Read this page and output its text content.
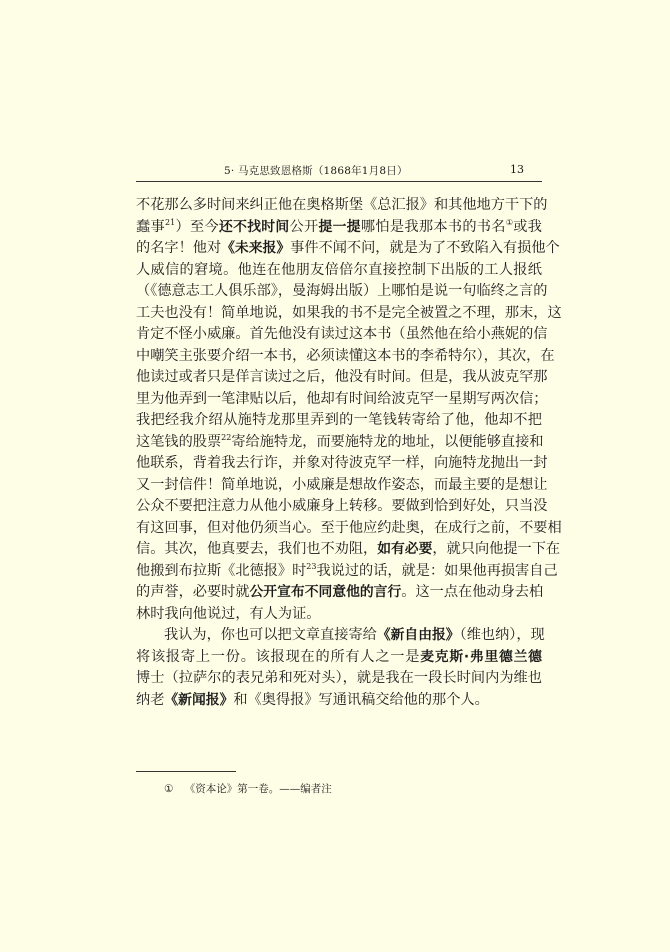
5· 马克思致恩格斯（1868年1月8日）	13
不花那么多时间来纠正他在奥格斯堡《总汇报》和其他地方干下的
蠢事$^{21}$）至今还不找时间公开提一提哪怕是我那本书的书名①或我
的名字！他对《未来报》事件不闻不问，就是为了不致陷入有损他个
人威信的窘境。他连在他朋友倍倍尔直接控制下出版的工人报纸
（《德意志工人俱乐部》，曼海姆出版）上哪怕是说一句临终之言的
工夫也没有！简单地说，如果我的书不是完全被置之不理，那末，这
肯定不怪小威廉。首先他没有读过这本书（虽然他在给小燕妮的信
中嘲笑主张要介绍一本书，必须读懂这本书的李希特尔），其次，在
他读过或者只是佯言读过之后，他没有时间。但是，我从波克罕那
里为他弄到一笔津贴以后，他却有时间给波克罕一星期写两次信；
我把经我介绍从施特龙那里弄到的一笔钱转寄给了他，他却不把
这笔钱的股票$^{22}$寄给施特龙，而要施特龙的地址，以便能够直接和
他联系，背着我去行诈，并象对待波克罕一样，向施特龙抛出一封
又一封信件！简单地说，小威廉是想故作姿态，而最主要的是想让
公众不要把注意力从他小威廉身上转移。要做到恰到好处，只当没
有这回事，但对他仍须当心。至于他应约赴奥，在成行之前，不要相
信。其次，他真要去，我们也不劝阻，如有必要，就只向他提一下在
他搬到布拉斯《北德报》时$^{23}$我说过的话，就是：如果他再损害自己
的声誉，必要时就公开宣布不同意他的言行。这一点在他动身去柏
林时我向他说过，有人为证。
我认为，你也可以把文章直接寄给《新自由报》（维也纳），现
将该报寄上一份。该报现在的所有人之一是麦克斯·弗里德兰德
博士（拉萨尔的表兄弟和死对头），就是我在一段长时间内为维也
纳老《新闻报》和《奥得报》写通讯稿交给他的那个人。
① 《资本论》第一卷。——编者注
